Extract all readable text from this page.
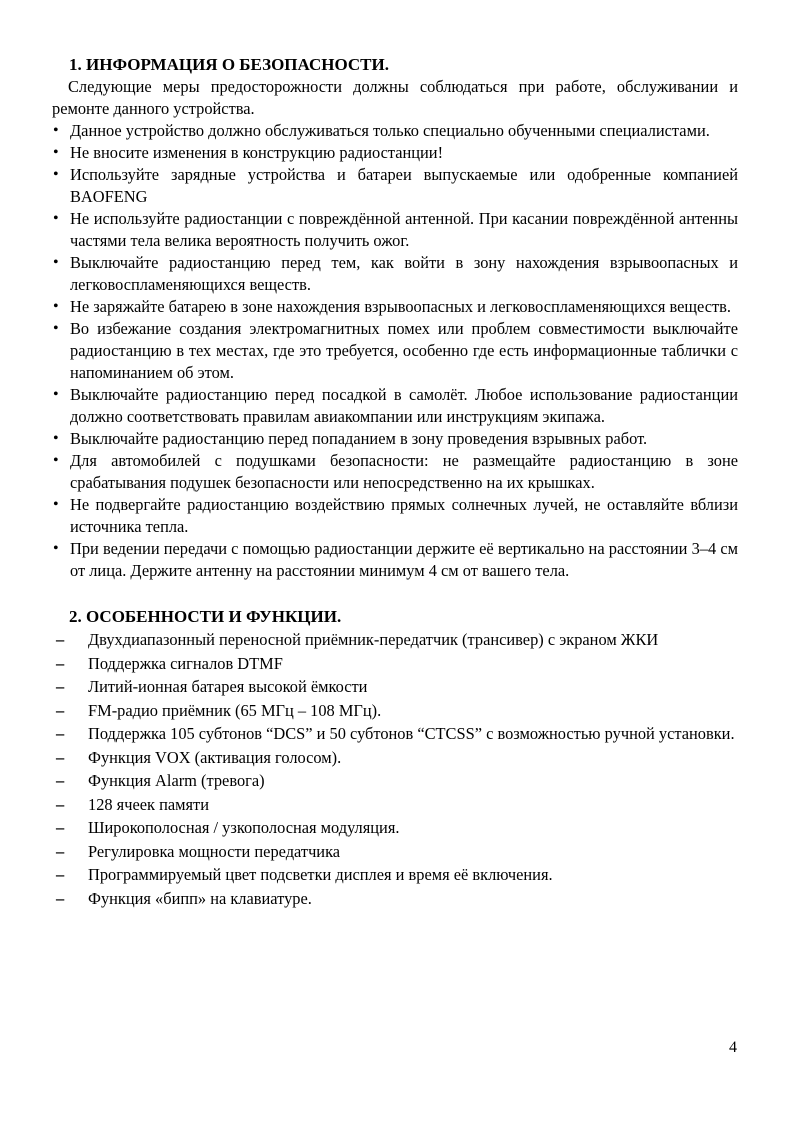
1. ИНФОРМАЦИЯ О БЕЗОПАСНОСТИ.

Следующие меры предосторожности должны соблюдаться при работе, обслуживании и ремонте данного устройства.

• Данное устройство должно обслуживаться только специально обученными специалистами.
• Не вносите изменения в конструкцию радиостанции!
• Используйте зарядные устройства и батареи выпускаемые или одобренные компанией BAOFENG
• Не используйте радиостанции с повреждённой антенной. При касании повреждённой антенны частями тела велика вероятность получить ожог.
• Выключайте радиостанцию перед тем, как войти в зону нахождения взрывоопасных и легковоспламеняющихся веществ.
• Не заряжайте батарею в зоне нахождения взрывоопасных и легковоспламеняющихся веществ.
• Во избежание создания электромагнитных помех или проблем совместимости выключайте радиостанцию в тех местах, где это требуется, особенно где есть информационные таблички с напоминанием об этом.
• Выключайте радиостанцию перед посадкой в самолёт. Любое использование радиостанции должно соответствовать правилам авиакомпании или инструкциям экипажа.
• Выключайте радиостанцию перед попаданием в зону проведения взрывных работ.
• Для автомобилей с подушками безопасности: не размещайте радиостанцию в зоне срабатывания подушек безопасности или непосредственно на их крышках.
• Не подвергайте радиостанцию воздействию прямых солнечных лучей, не оставляйте вблизи источника тепла.
• При ведении передачи с помощью радиостанции держите её вертикально на расстоянии 3–4 см от лица. Держите антенну на расстоянии минимум 4 см от вашего тела.
2. ОСОБЕННОСТИ И ФУНКЦИИ.
– Двухдиапазонный переносной приёмник-передатчик (трансивер) с экраном ЖКИ
– Поддержка сигналов DTMF
– Литий-ионная батарея высокой ёмкости
– FM-радио приёмник (65 МГц – 108 МГц).
– Поддержка 105 субтонов “DCS” и 50 субтонов “CTCSS” с возможностью ручной установки.
– Функция VOX (активация голосом).
– Функция Alarm (тревога)
– 128 ячеек памяти
– Широкополосная / узкополосная модуляция.
– Регулировка мощности передатчика
– Программируемый цвет подсветки дисплея и время её включения.
– Функция «бипп» на клавиатуре.
4
